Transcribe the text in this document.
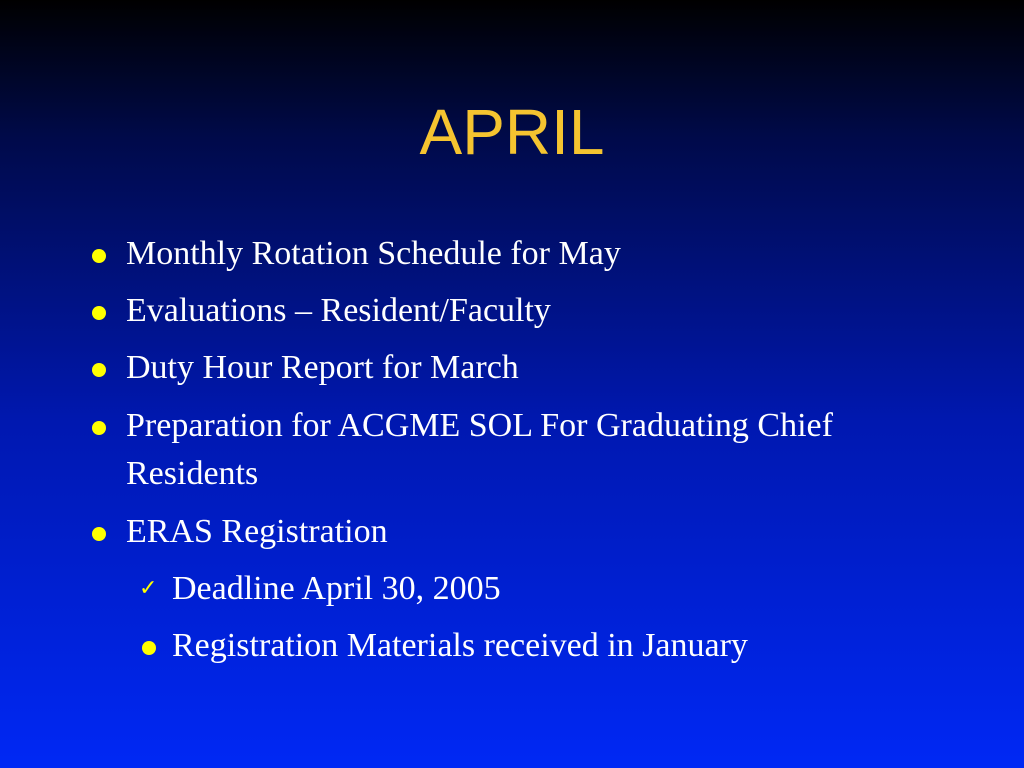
APRIL
Monthly Rotation Schedule for May
Evaluations – Resident/Faculty
Duty Hour Report for March
Preparation for ACGME SOL For Graduating Chief Residents
ERAS Registration
✓ Deadline April 30, 2005
Registration Materials received in January
